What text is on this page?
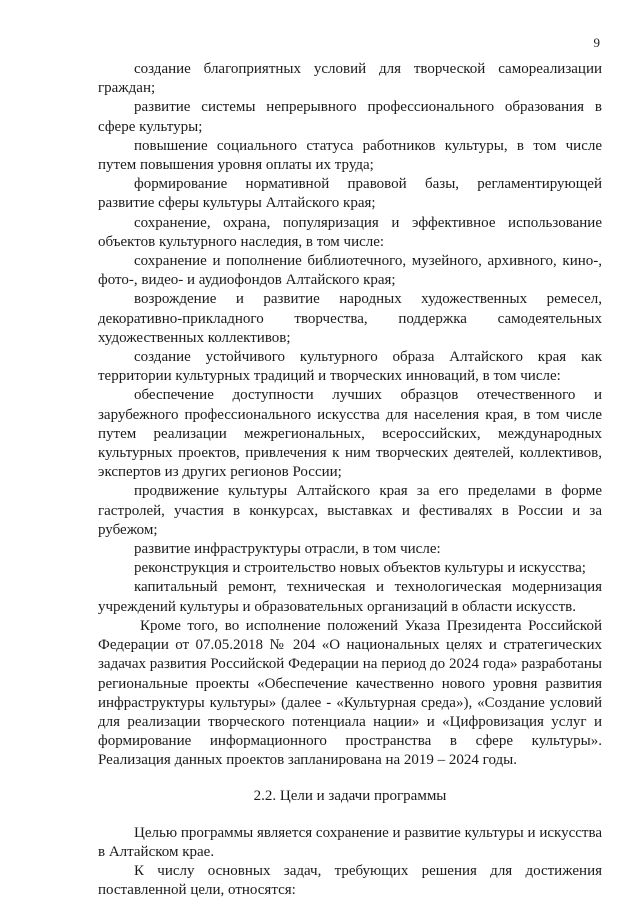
9

создание благоприятных условий для творческой самореализации граждан;

развитие системы непрерывного профессионального образования в сфере культуры;

повышение социального статуса работников культуры, в том числе путем повышения уровня оплаты их труда;

формирование нормативной правовой базы, регламентирующей развитие сферы культуры Алтайского края;

сохранение, охрана, популяризация и эффективное использование объектов культурного наследия, в том числе:

сохранение и пополнение библиотечного, музейного, архивного, кино-, фото-, видео- и аудиофондов Алтайского края;

возрождение и развитие народных художественных ремесел, декоративно-прикладного творчества, поддержка самодеятельных художественных коллективов;

создание устойчивого культурного образа Алтайского края как территории культурных традиций и творческих инноваций, в том числе:

обеспечение доступности лучших образцов отечественного и зарубежного профессионального искусства для населения края, в том числе путем реализации межрегиональных, всероссийских, международных культурных проектов, привлечения к ним творческих деятелей, коллективов, экспертов из других регионов России;

продвижение культуры Алтайского края за его пределами в форме гастролей, участия в конкурсах, выставках и фестивалях в России и за рубежом;

развитие инфраструктуры отрасли, в том числе:

реконструкция и строительство новых объектов культуры и искусства;

капитальный ремонт, техническая и технологическая модернизация учреждений культуры и образовательных организаций в области искусств.

Кроме того, во исполнение положений Указа Президента Российской Федерации от 07.05.2018 № 204 «О национальных целях и стратегических задачах развития Российской Федерации на период до 2024 года» разработаны региональные проекты «Обеспечение качественно нового уровня развития инфраструктуры культуры» (далее - «Культурная среда»), «Создание условий для реализации творческого потенциала нации» и «Цифровизация услуг и формирование информационного пространства в сфере культуры». Реализация данных проектов запланирована на 2019 – 2024 годы.

2.2. Цели и задачи программы

Целью программы является сохранение и развитие культуры и искусства в Алтайском крае.

К числу основных задач, требующих решения для достижения поставленной цели, относятся:
